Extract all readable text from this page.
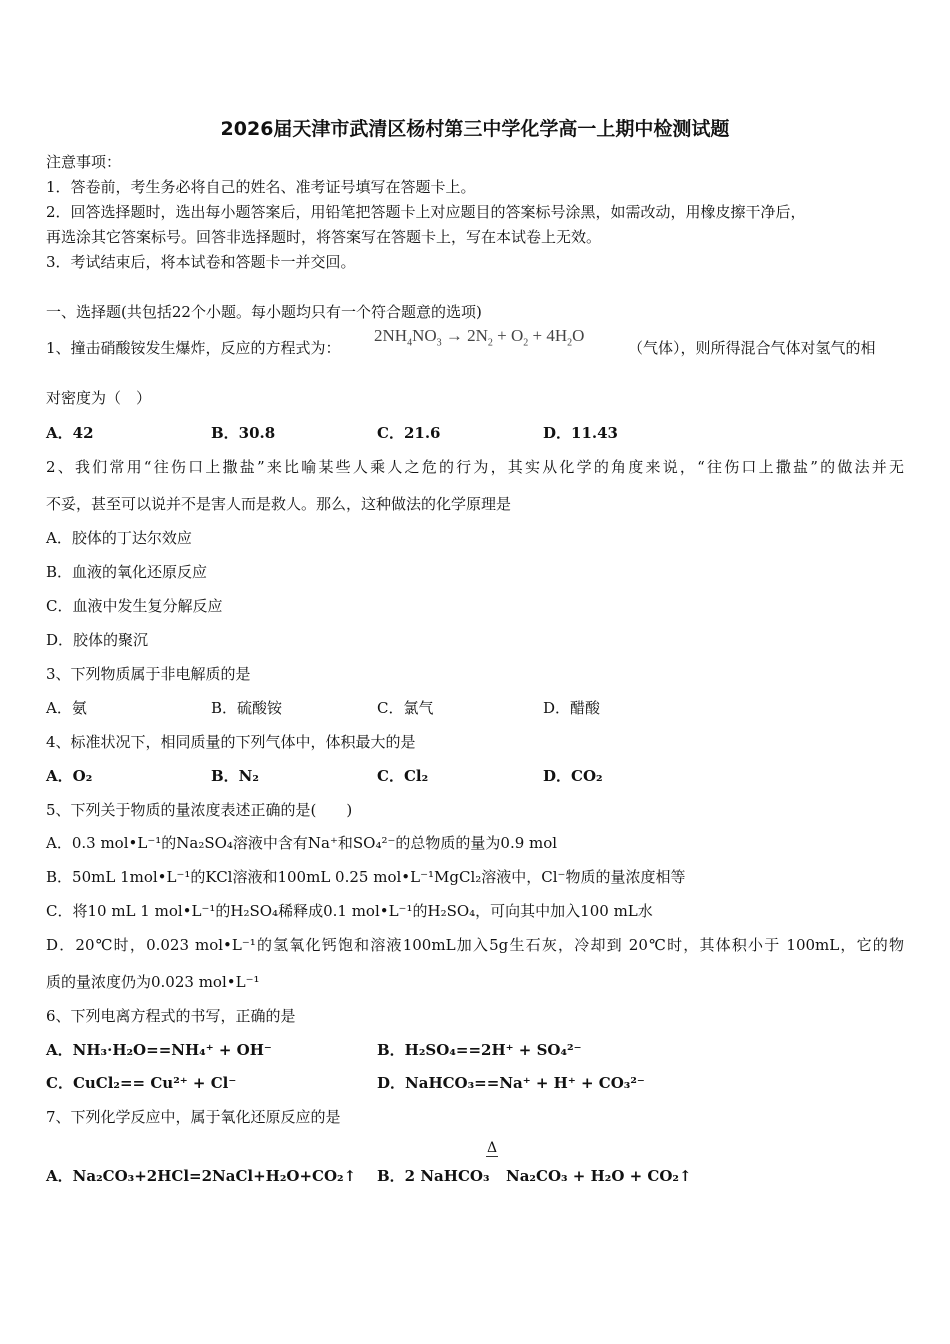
2026届天津市武清区杨村第三中学化学高一上期中检测试题
注意事项：
1．答卷前，考生务必将自己的姓名、准考证号填写在答题卡上。
2．回答选择题时，选出每小题答案后，用铅笔把答题卡上对应题目的答案标号涂黑，如需改动，用橡皮擦干净后，
再选涂其它答案标号。回答非选择题时，将答案写在答题卡上，写在本试卷上无效。
3．考试结束后，将本试卷和答题卡一并交回。
一、选择题(共包括22个小题。每小题均只有一个符合题意的选项)
1、撞击硝酸铵发生爆炸，反应的方程式为：
$2NH_4NO_3 \to 2N_2 + O_2 + 4H_2O$
（气体），则所得混合气体对氢气的相
对密度为（　）
A．42	B．30.8	C．21.6	D．11.43
2、我们常用“往伤口上撒盐”来比喻某些人乘人之危的行为，其实从化学的角度来说，“往伤口上撒盐”的做法并无
不妥，甚至可以说并不是害人而是救人。那么，这种做法的化学原理是
A．胶体的丁达尔效应
B．血液的氧化还原反应
C．血液中发生复分解反应
D．胶体的聚沉
3、下列物质属于非电解质的是
A．氨	B．硫酸铵	C．氯气	D．醋酸
4、标准状况下，相同质量的下列气体中，体积最大的是
A．O₂	B．N₂	C．Cl₂	D．CO₂
5、下列关于物质的量浓度表述正确的是(　　)
A．0.3 mol•L⁻¹的Na₂SO₄溶液中含有Na⁺和SO₄²⁻的总物质的量为0.9 mol
B．50mL 1mol•L⁻¹的KCl溶液和100mL 0.25 mol•L⁻¹MgCl₂溶液中，Cl⁻物质的量浓度相等
C．将10 mL 1 mol•L⁻¹的H₂SO₄稀释成0.1 mol•L⁻¹的H₂SO₄，可向其中加入100 mL水
D．20℃时，0.023 mol•L⁻¹的氢氧化钙饱和溶液100mL加入5g生石灰，冷却到 20℃时，其体积小于 100mL，它的物
质的量浓度仍为0.023 mol•L⁻¹
6、下列电离方程式的书写，正确的是
A．NH₃·H₂O==NH₄⁺ + OH⁻	B．H₂SO₄==2H⁺ + SO₄²⁻
C．CuCl₂== Cu²⁺ + Cl⁻	D．NaHCO₃==Na⁺ + H⁺ + CO₃²⁻
7、下列化学反应中，属于氧化还原反应的是
A．Na₂CO₃+2HCl=2NaCl+H₂O+CO₂↑ B．2 NaHCO₃
Δ
Na₂CO₃ + H₂O + CO₂↑
